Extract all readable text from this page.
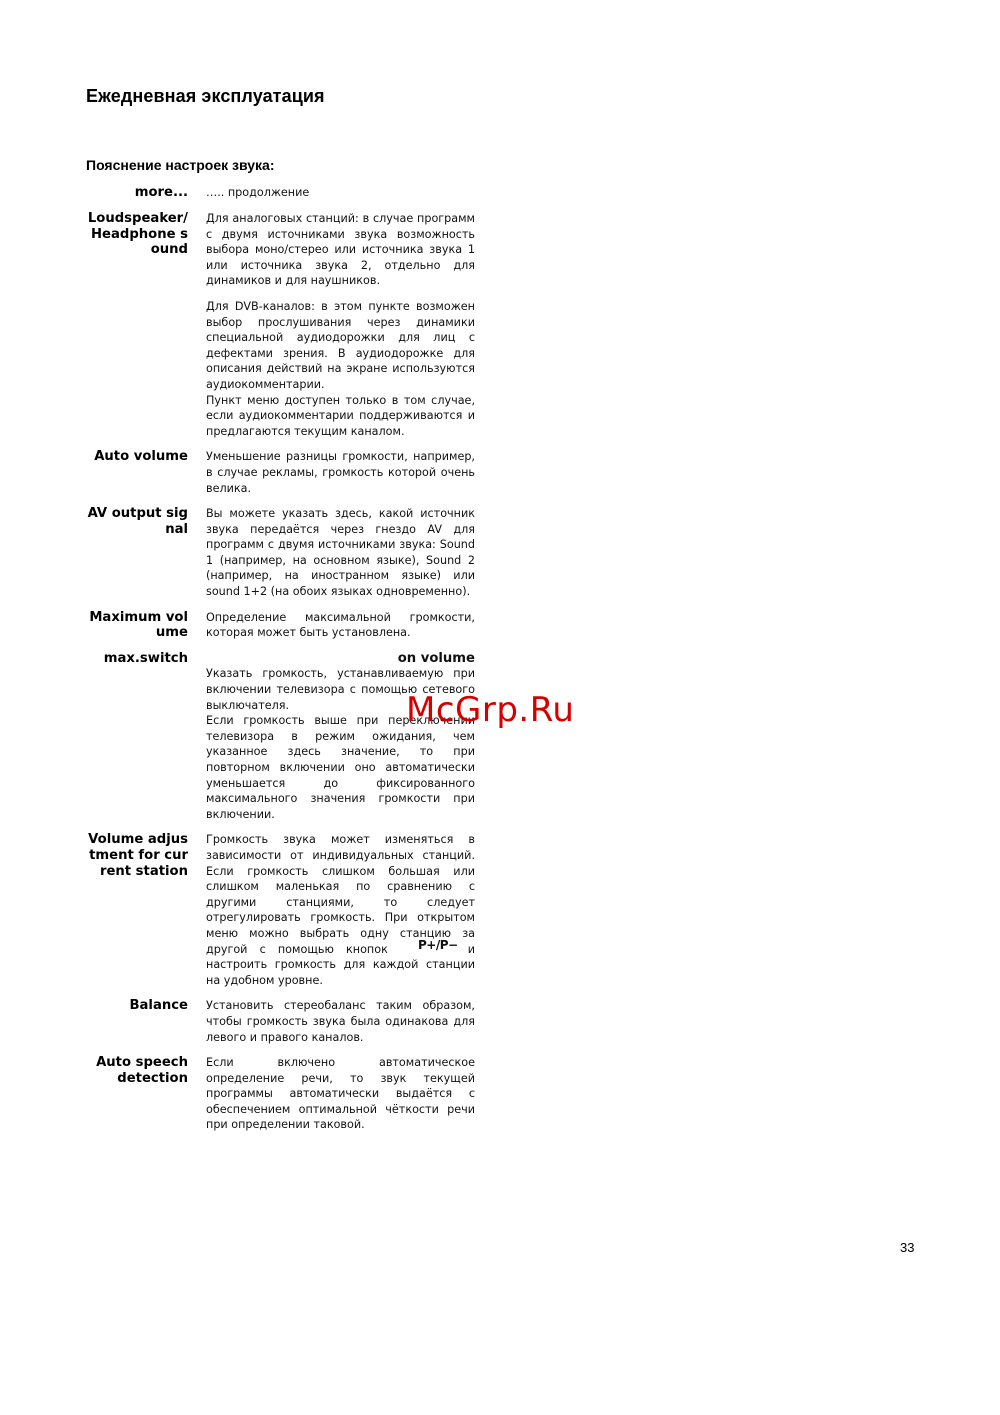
Ежедневная эксплуатация
Пояснение настроек звука:
more... ….. продолжение
Loudspeaker/ Headphone sound

Для аналоговых станций: в случае программ с двумя источниками звука возможность выбора моно/стерео или источника звука 1 или источника звука 2, отдельно для динамиков и для наушников.

Для DVB-каналов: в этом пункте возможен выбор прослушивания через динамики специальной аудиодорожки для лиц с дефектами зрения. В аудиодорожке для описания действий на экране используются аудиокомментарии.

Пункт меню доступен только в том случае, если аудиокомментарии поддерживаются и предлагаются текущим каналом.

Auto volume Уменьшение разницы громкости, например, в случае рекламы, громкость которой очень велика.
AV output signal
Вы можете указать здесь, какой источник звука передаётся через гнездо AV для программ с двумя источниками звука: Sound 1 (например, на основном языке), Sound 2 (например, на иностранном языке) или sound 1+2 (на обоих языках одновременно).
Maximum volume
Определение максимальной громкости, которая может быть установлена.
max.switch	on volume

Указать громкость, устанавливаемую при включении телевизора с помощью сетевого выключателя.

Если громкость выше при переключении телевизора в режим ожидания, чем указанное здесь значение, то при повторном включении оно автоматически уменьшается до фиксированного максимального значения громкости при включении.

Volume adjustment for current station
Громкость звука может изменяться в зависимости от индивидуальных станций. Если громкость слишком большая или слишком маленькая по сравнению с другими станциями, то следует отрегулировать громкость. При открытом меню можно выбрать одну станцию за другой с помощью кнопок	P+/P− и настроить громкость для каждой станции на удобном уровне.
Balance Установить стереобаланс таким образом, чтобы громкость звука была одинакова для левого и правого каналов.
Auto speech detection
Если включено автоматическое определение речи, то звук текущей программы автоматически выдаётся с обеспечением оптимальной чёткости речи при определении таковой.
McGrp.Ru
33
